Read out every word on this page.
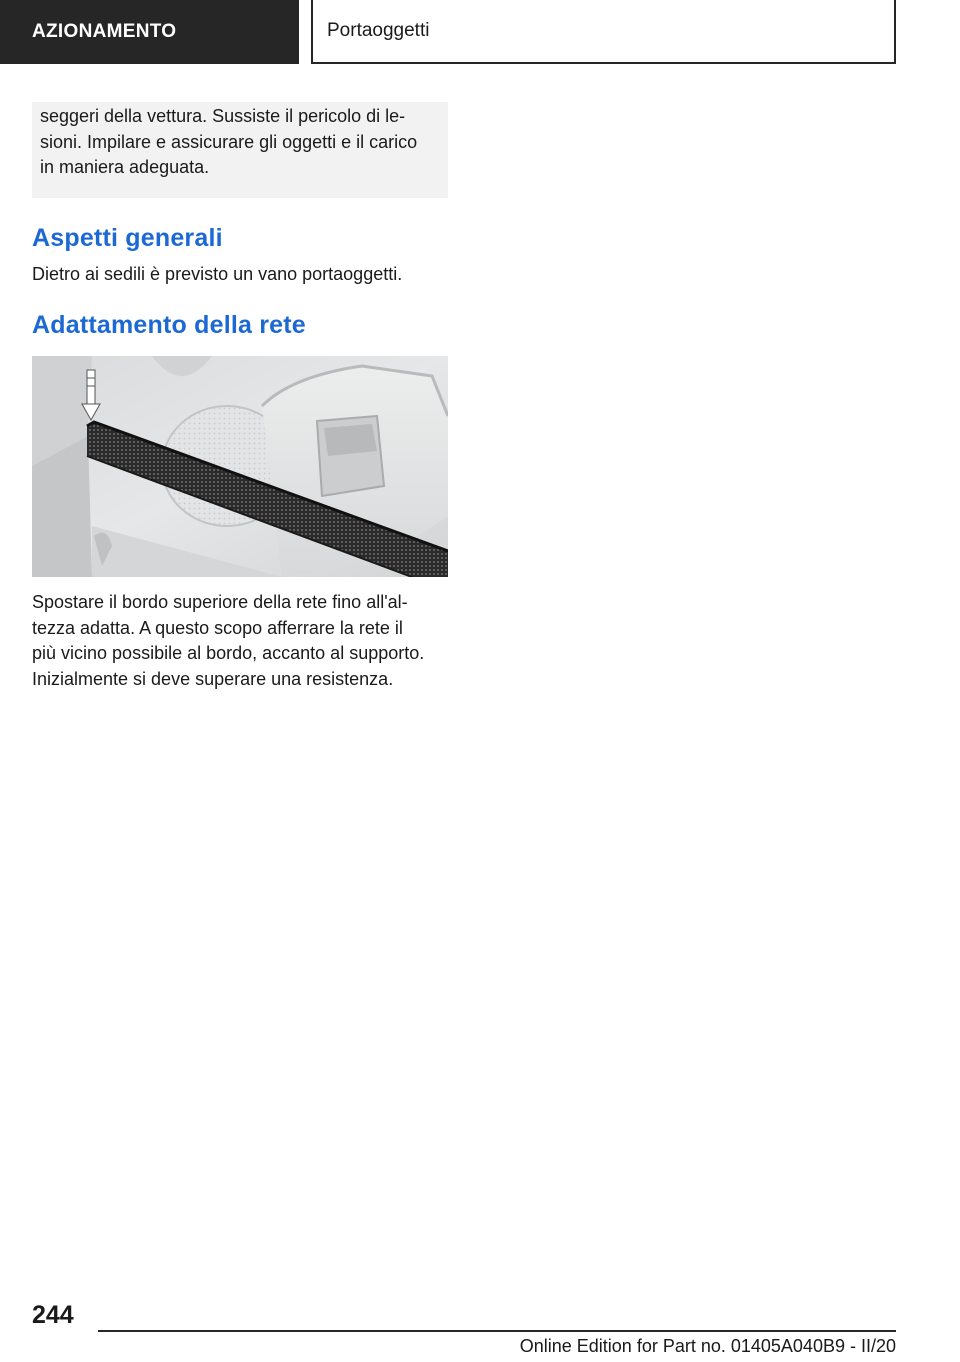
AZIONAMENTO	Portaoggetti
seggeri della vettura. Sussiste il pericolo di le‐
sioni. Impilare e assicurare gli oggetti e il carico
in maniera adeguata.
Aspetti generali

Dietro ai sedili è previsto un vano portaoggetti.

Adattamento della rete
Spostare il bordo superiore della rete fino all'al‐
tezza adatta. A questo scopo afferrare la rete il
più vicino possibile al bordo, accanto al supporto.
Inizialmente si deve superare una resistenza.
244
Online Edition for Part no. 01405A040B9 - II/20
